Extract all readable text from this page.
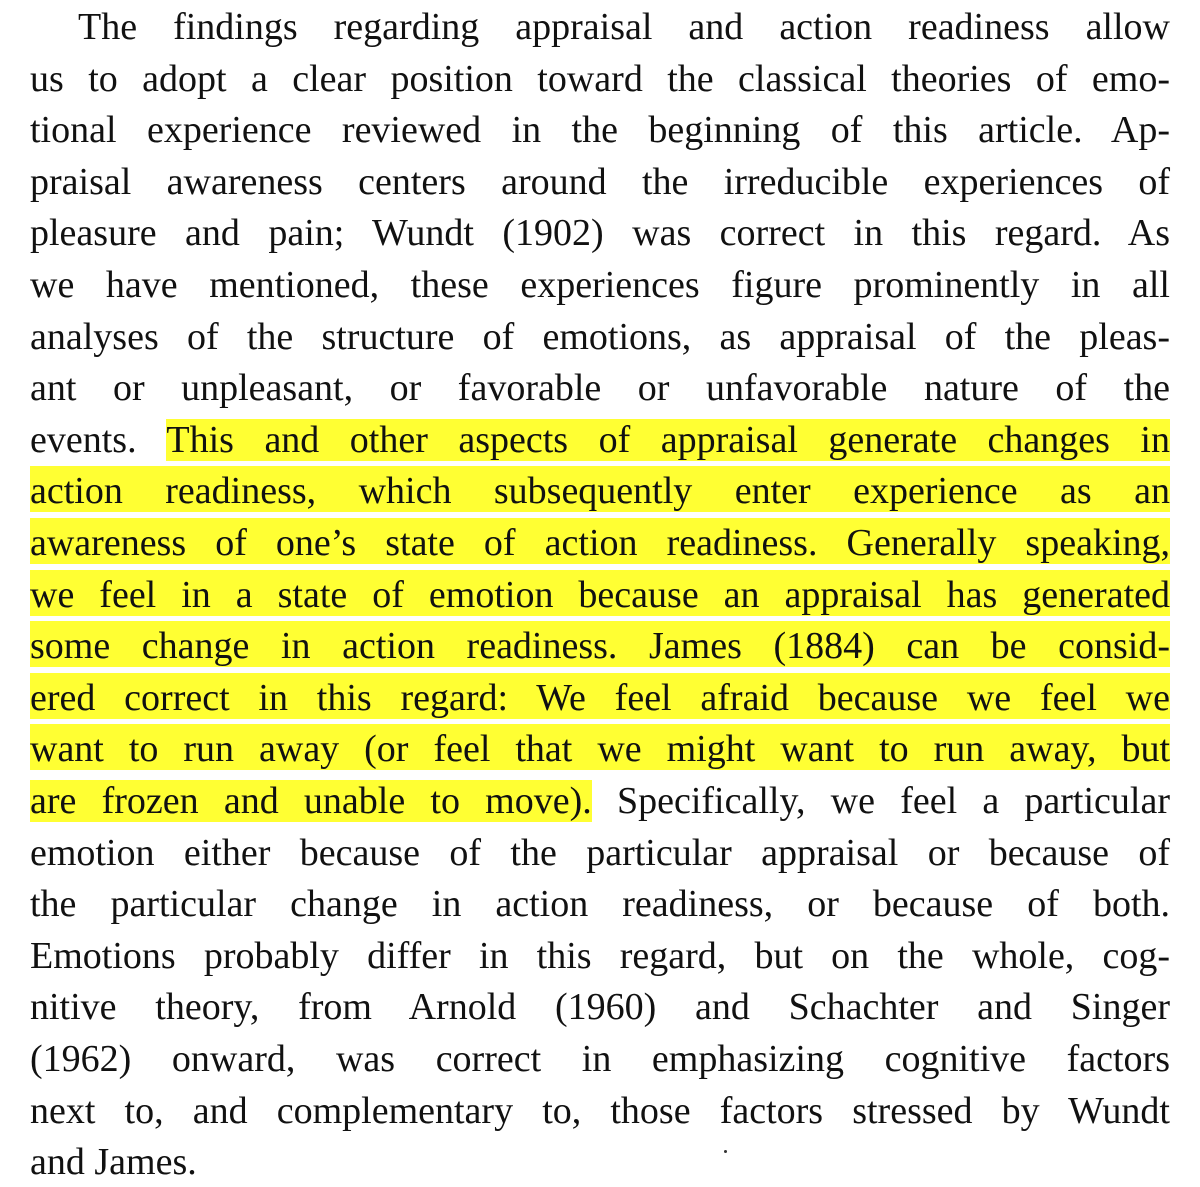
The findings regarding appraisal and action readiness allow

us to adopt a clear position toward the classical theories of emo-

tional experience reviewed in the beginning of this article. Ap-

praisal awareness centers around the irreducible experiences of

pleasure and pain; Wundt (1902) was correct in this regard. As

we have mentioned, these experiences figure prominently in all

analyses of the structure of emotions, as appraisal of the pleas-

ant or unpleasant, or favorable or unfavorable nature of the

events. This and other aspects of appraisal generate changes in

action readiness, which subsequently enter experience as an

awareness of one’s state of action readiness. Generally speaking,

we feel in a state of emotion because an appraisal has generated

some change in action readiness. James (1884) can be consid-

ered correct in this regard: We feel afraid because we feel we

want to run away (or feel that we might want to run away, but

are frozen and unable to move). Specifically, we feel a particular

emotion either because of the particular appraisal or because of

the particular change in action readiness, or because of both.

Emotions probably differ in this regard, but on the whole, cog-

nitive theory, from Arnold (1960) and Schachter and Singer

(1962) onward, was correct in emphasizing cognitive factors

next to, and complementary to, those factors stressed by Wundt

and James.
